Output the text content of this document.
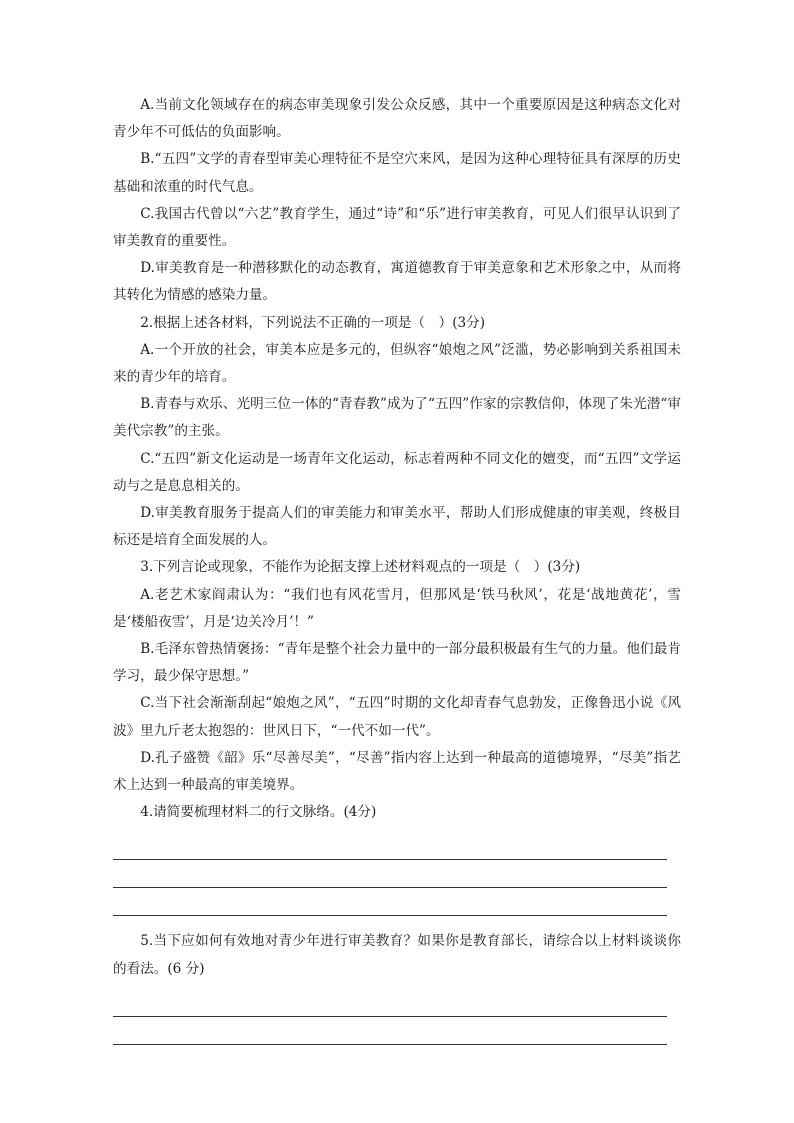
A.当前文化领域存在的病态审美现象引发公众反感，其中一个重要原因是这种病态文化对青少年不可低估的负面影响。

B.“五四”文学的青春型审美心理特征不是空穴来风，是因为这种心理特征具有深厚的历史基础和浓重的时代气息。

C.我国古代曾以“六艺”教育学生，通过“诗”和“乐”进行审美教育，可见人们很早认识到了审美教育的重要性。

D.审美教育是一种潜移默化的动态教育，寓道德教育于审美意象和艺术形象之中，从而将其转化为情感的感染力量。

2.根据上述各材料，下列说法不正确的一项是（　）(3分)

A.一个开放的社会，审美本应是多元的，但纵容“娘炮之风”泛滥，势必影响到关系祖国未来的青少年的培育。

B.青春与欢乐、光明三位一体的“青春教”成为了“五四”作家的宗教信仰，体现了朱光潜“审美代宗教”的主张。

C.“五四”新文化运动是一场青年文化运动，标志着两种不同文化的嬗变，而“五四”文学运动与之是息息相关的。

D.审美教育服务于提高人们的审美能力和审美水平，帮助人们形成健康的审美观，终极目标还是培育全面发展的人。

3.下列言论或现象，不能作为论据支撑上述材料观点的一项是（　）(3分)

A.老艺术家阎肃认为：“我们也有风花雪月，但那风是‘铁马秋风’，花是‘战地黄花’，雪是‘楼船夜雪’，月是‘边关冷月’！”

B.毛泽东曾热情褒扬：“青年是整个社会力量中的一部分最积极最有生气的力量。他们最肯学习，最少保守思想。”

C.当下社会渐渐刮起“娘炮之风”，“五四”时期的文化却青春气息勃发，正像鲁迅小说《风波》里九斤老太抱怨的：世风日下，“一代不如一代”。

D.孔子盛赞《韶》乐“尽善尽美”，“尽善”指内容上达到一种最高的道德境界，“尽美”指艺术上达到一种最高的审美境界。

4.请简要梳理材料二的行文脉络。(4分)

5.当下应如何有效地对青少年进行审美教育？如果你是教育部长，请综合以上材料谈谈你的看法。(6 分)
